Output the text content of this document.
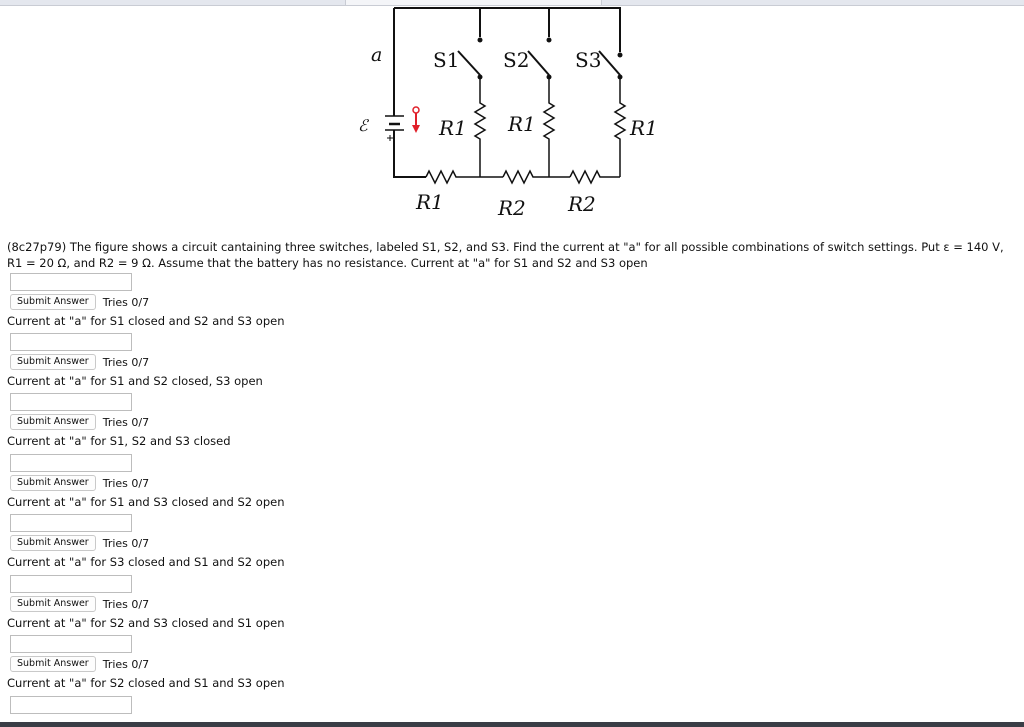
a
ℰ
S1 S2 S3
R1 R1	R1
R1	R2 R2

(8c27p79) The figure shows a circuit cantaining three switches, labeled S1, S2, and S3. Find the current at "a" for all possible combinations of switch settings. Put ε = 140 V, R1 = 20 Ω, and R2 = 9 Ω. Assume that the battery has no resistance. Current at "a" for S1 and S2 and S3 open

Submit Answer	Tries 0/7
Current at "a" for S1 closed and S2 and S3 open
Submit Answer	Tries 0/7
Current at "a" for S1 and S2 closed, S3 open
Submit Answer	Tries 0/7
Current at "a" for S1, S2 and S3 closed
Submit Answer	Tries 0/7
Current at "a" for S1 and S3 closed and S2 open
Submit Answer	Tries 0/7
Current at "a" for S3 closed and S1 and S2 open
Submit Answer	Tries 0/7
Current at "a" for S2 and S3 closed and S1 open
Submit Answer	Tries 0/7
Current at "a" for S2 closed and S1 and S3 open
